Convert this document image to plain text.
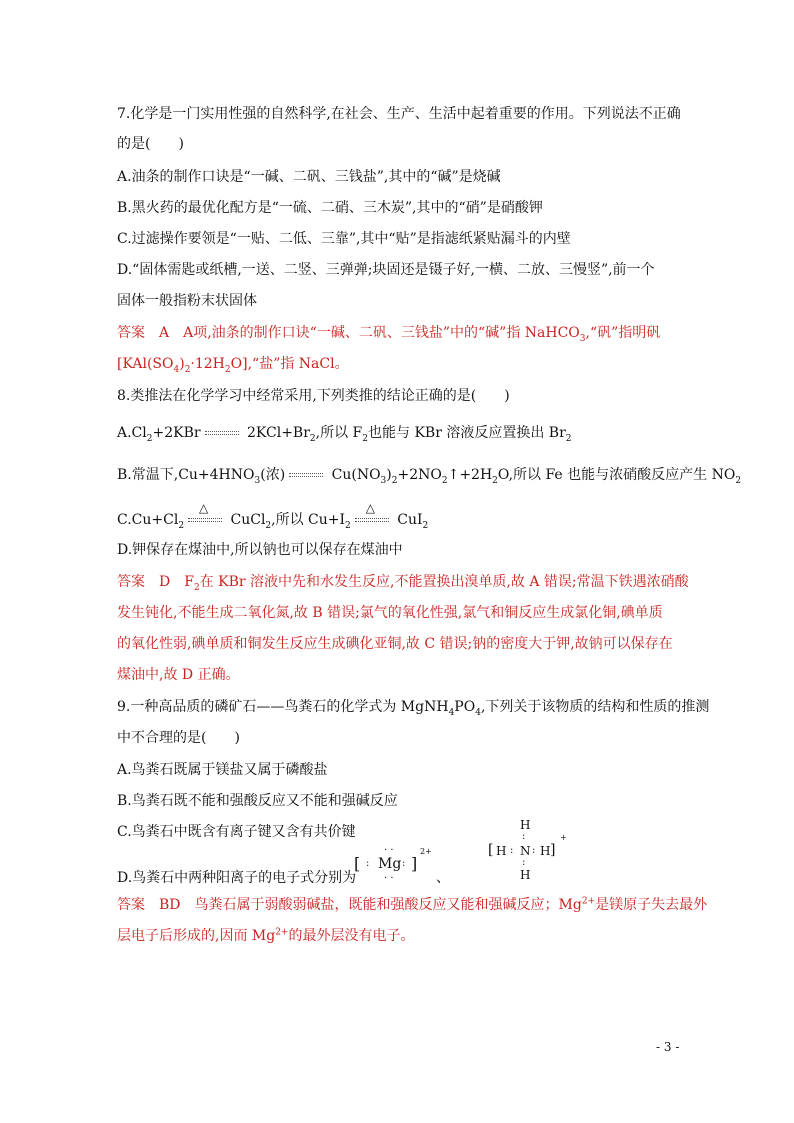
7.化学是一门实用性强的自然科学,在社会、生产、生活中起着重要的作用。下列说法不正确
的是(　　)
A.油条的制作口诀是“一碱、二矾、三钱盐”,其中的“碱”是烧碱
B.黑火药的最优化配方是“一硫、二硝、三木炭”,其中的“硝”是硝酸钾
C.过滤操作要领是“一贴、二低、三靠”,其中“贴”是指滤纸紧贴漏斗的内壁
D.“固体需匙或纸槽,一送、二竖、三弹弹;块固还是镊子好,一横、二放、三慢竖”,前一个
固体一般指粉末状固体
答案　A A项,油条的制作口诀“一碱、二矾、三钱盐”中的“碱”指 NaHCO$_3$,“矾”指明矾
$[KAl(SO_4)_2\cdot 12H_2O],“$盐”指 NaCl。
8.类推法在化学学习中经常采用,下列类推的结论正确的是(　　)
$A.Cl_2+2KBr$	$2KCl+Br_2$,所以 $F_2$也能与 KBr 溶液反应置换出 $Br_2$
B.常温下$,Cu+4HNO_3$(浓)	$Cu(NO_3)_2+2NO_2↑+2H_2O$,所以 Fe 也能与浓硝酸反应产生 $NO_2$
$C.Cu+Cl_2$
△
CuCl$_2$,所以 $Cu+I_2$
△
CuI$_2$
D.钾保存在煤油中,所以钠也可以保存在煤油中
答案　D $F_2$在 KBr 溶液中先和水发生反应,不能置换出溴单质,故 A 错误;常温下铁遇浓硝酸
发生钝化,不能生成二氧化氮,故 B 错误;氯气的氧化性强,氯气和铜反应生成氯化铜,碘单质
的氧化性弱,碘单质和铜发生反应生成碘化亚铜,故 C 错误;钠的密度大于钾,故钠可以保存在
煤油中,故 D 正确。
9.一种高品质的磷矿石——鸟粪石的化学式为 $MgNH_4PO_4$,下列关于该物质的结构和性质的推测
中不合理的是(　　)
A.鸟粪石既属于镁盐又属于磷酸盐
B.鸟粪石既不能和强酸反应又不能和强碱反应
C.鸟粪石中既含有离子键又含有共价键
D.鸟粪石中两种阳离子的电子式分别为
· ·
[ : Mg : ]
2+
· ·	、
H
:
[ H : N : H ]
+
:
H
答案　BD 鸟粪石属于弱酸弱碱盐，既能和强酸反应又能和强碱反应；$Mg^{2+}$是镁原子失去最外
层电子后形成的,因而 $Mg^{2+}$的最外层没有电子。
- 3 -
